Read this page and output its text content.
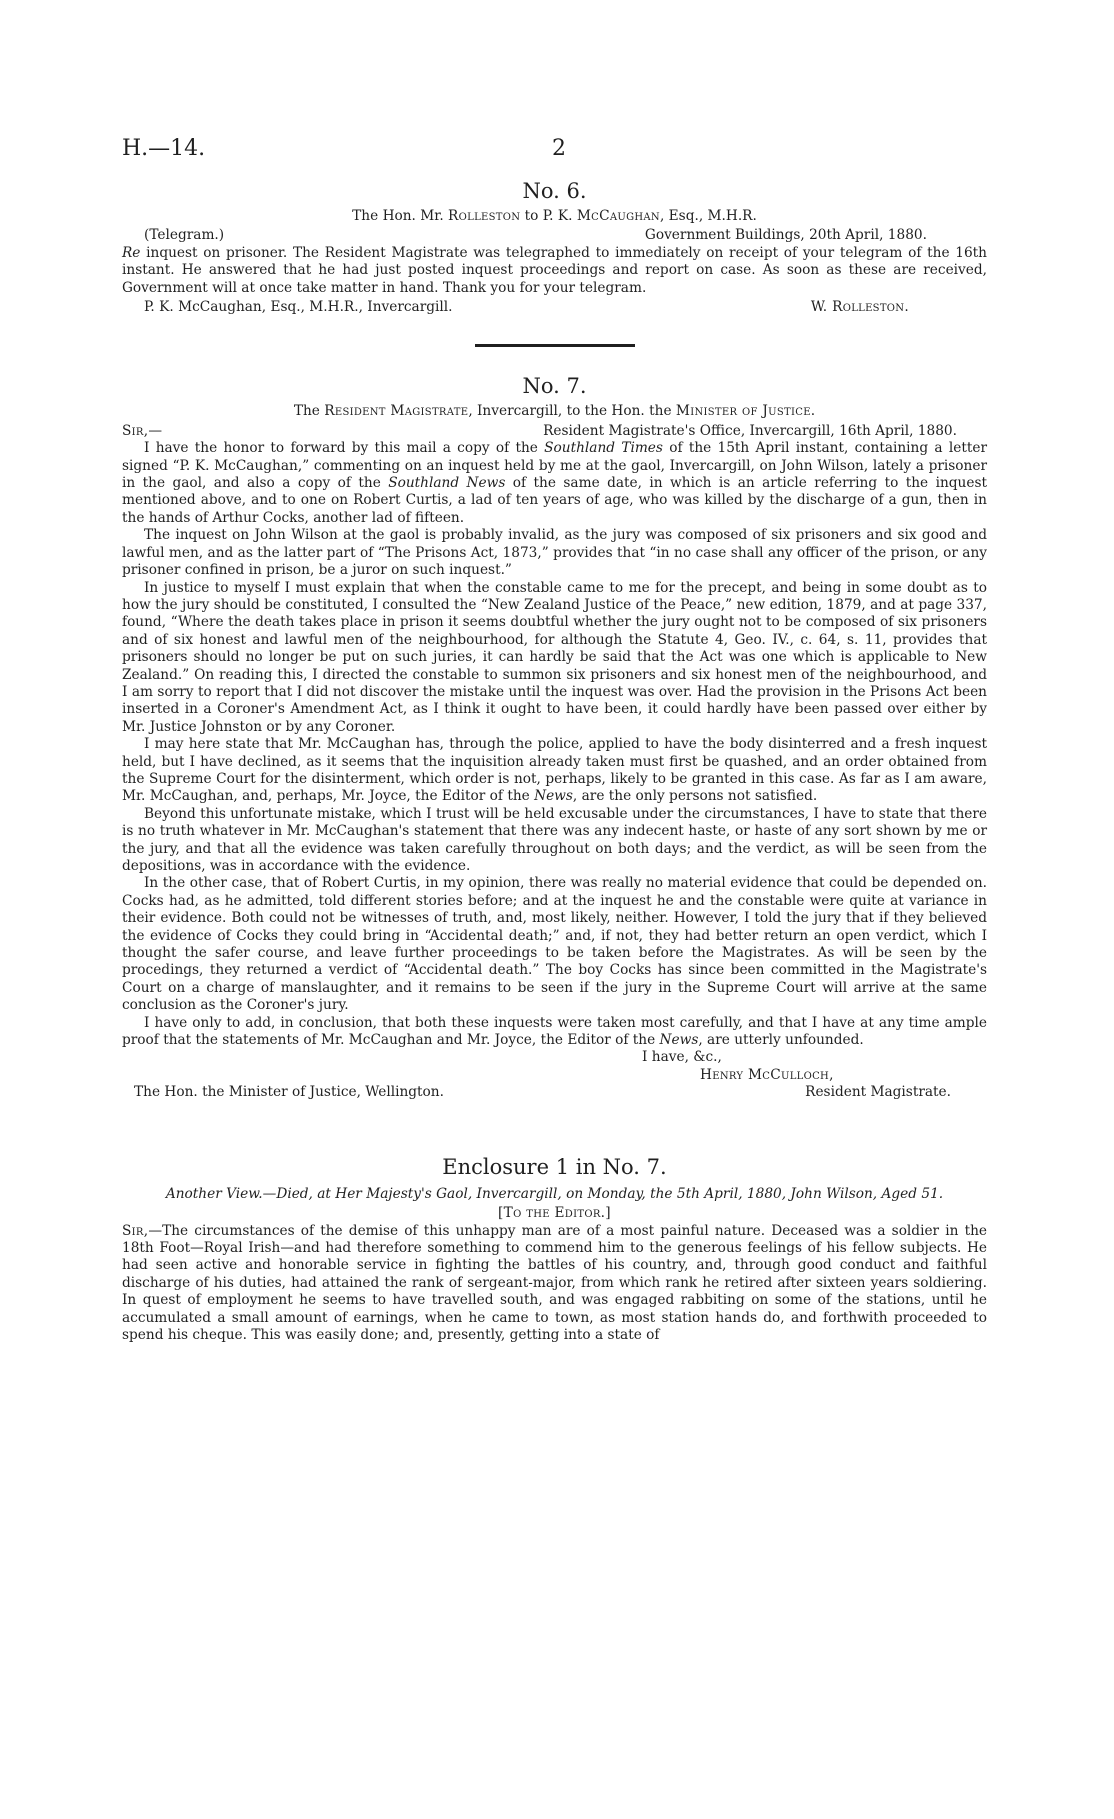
H.—14.	2
No. 6.
The Hon. Mr. Rolleston to P. K. McCaughan, Esq., M.H.R.
(Telegram.)	Government Buildings, 20th April, 1880.

Re inquest on prisoner. The Resident Magistrate was telegraphed to immediately on receipt of your telegram of the 16th instant. He answered that he had just posted inquest proceedings and report on case. As soon as these are received, Government will at once take matter in hand. Thank you for your telegram.

P. K. McCaughan, Esq., M.H.R., Invercargill.	W. Rolleston.
No. 7.
The Resident Magistrate, Invercargill, to the Hon. the Minister of Justice.
Sir,—	Resident Magistrate's Office, Invercargill, 16th April, 1880.

I have the honor to forward by this mail a copy of the Southland Times of the 15th April instant, containing a letter signed “P. K. McCaughan,” commenting on an inquest held by me at the gaol, Invercargill, on John Wilson, lately a prisoner in the gaol, and also a copy of the Southland News of the same date, in which is an article referring to the inquest mentioned above, and to one on Robert Curtis, a lad of ten years of age, who was killed by the discharge of a gun, then in the hands of Arthur Cocks, another lad of fifteen.

The inquest on John Wilson at the gaol is probably invalid, as the jury was composed of six prisoners and six good and lawful men, and as the latter part of “The Prisons Act, 1873,” provides that “in no case shall any officer of the prison, or any prisoner confined in prison, be a juror on such inquest.”

In justice to myself I must explain that when the constable came to me for the precept, and being in some doubt as to how the jury should be constituted, I consulted the “New Zealand Justice of the Peace,” new edition, 1879, and at page 337, found, “Where the death takes place in prison it seems doubtful whether the jury ought not to be composed of six prisoners and of six honest and lawful men of the neighbourhood, for although the Statute 4, Geo. IV., c. 64, s. 11, provides that prisoners should no longer be put on such juries, it can hardly be said that the Act was one which is applicable to New Zealand.” On reading this, I directed the constable to summon six prisoners and six honest men of the neighbourhood, and I am sorry to report that I did not discover the mistake until the inquest was over. Had the provision in the Prisons Act been inserted in a Coroner's Amendment Act, as I think it ought to have been, it could hardly have been passed over either by Mr. Justice Johnston or by any Coroner.

I may here state that Mr. McCaughan has, through the police, applied to have the body disinterred and a fresh inquest held, but I have declined, as it seems that the inquisition already taken must first be quashed, and an order obtained from the Supreme Court for the disinterment, which order is not, perhaps, likely to be granted in this case. As far as I am aware, Mr. McCaughan, and, perhaps, Mr. Joyce, the Editor of the News, are the only persons not satisfied.

Beyond this unfortunate mistake, which I trust will be held excusable under the circumstances, I have to state that there is no truth whatever in Mr. McCaughan's statement that there was any indecent haste, or haste of any sort shown by me or the jury, and that all the evidence was taken carefully throughout on both days; and the verdict, as will be seen from the depositions, was in accordance with the evidence.

In the other case, that of Robert Curtis, in my opinion, there was really no material evidence that could be depended on. Cocks had, as he admitted, told different stories before; and at the inquest he and the constable were quite at variance in their evidence. Both could not be witnesses of truth, and, most likely, neither. However, I told the jury that if they believed the evidence of Cocks they could bring in “Accidental death;” and, if not, they had better return an open verdict, which I thought the safer course, and leave further proceedings to be taken before the Magistrates. As will be seen by the procedings, they returned a verdict of “Accidental death.” The boy Cocks has since been committed in the Magistrate's Court on a charge of manslaughter, and it remains to be seen if the jury in the Supreme Court will arrive at the same conclusion as the Coroner's jury.

I have only to add, in conclusion, that both these inquests were taken most carefully, and that I have at any time ample proof that the statements of Mr. McCaughan and Mr. Joyce, the Editor of the News, are utterly unfounded.

I have, &c.,
Henry McCulloch,
The Hon. the Minister of Justice, Wellington.	Resident Magistrate.
Enclosure 1 in No. 7.

Another View.—Died, at Her Majesty's Gaol, Invercargill, on Monday, the 5th April, 1880, John Wilson, Aged 51.

[To the Editor.]

Sir,—The circumstances of the demise of this unhappy man are of a most painful nature. Deceased was a soldier in the 18th Foot—Royal Irish—and had therefore something to commend him to the generous feelings of his fellow subjects. He had seen active and honorable service in fighting the battles of his country, and, through good conduct and faithful discharge of his duties, had attained the rank of sergeant-major, from which rank he retired after sixteen years soldiering. In quest of employment he seems to have travelled south, and was engaged rabbiting on some of the stations, until he accumulated a small amount of earnings, when he came to town, as most station hands do, and forthwith proceeded to spend his cheque. This was easily done; and, presently, getting into a state of
